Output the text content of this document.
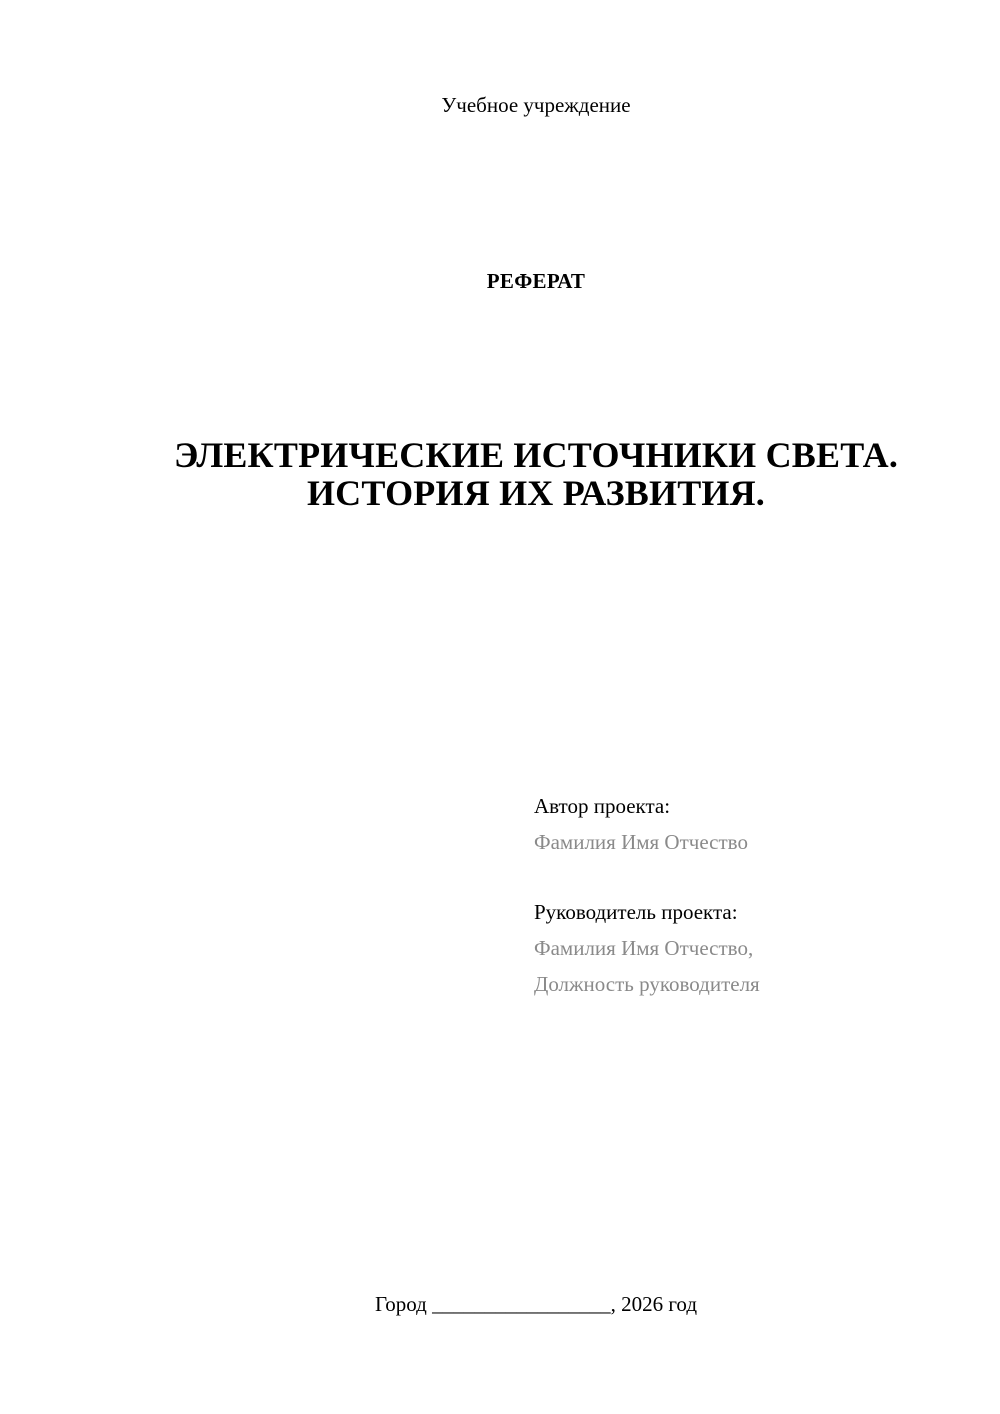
Учебное учреждение
РЕФЕРАТ
ЭЛЕКТРИЧЕСКИЕ ИСТОЧНИКИ СВЕТА.
ИСТОРИЯ ИХ РАЗВИТИЯ.
Автор проекта:
Фамилия Имя Отчество
Руководитель проекта:
Фамилия Имя Отчество,
Должность руководителя
Город _________________, 2026 год
